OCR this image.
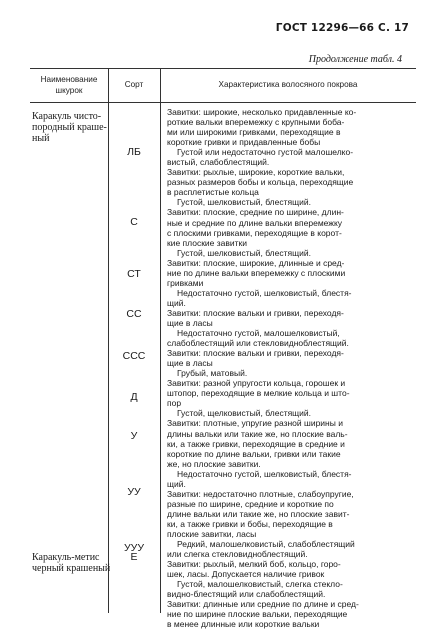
ГОСТ 12296—66 С. 17
Продолжение табл. 4
Наименование
шкурок
Сорт	Характеристика волосяного покрова
Каракуль чисто-
породный краше-
ный
Каракуль-метис
черный крашеный
ЛБ
С
СТ
СС
ССС
Д
У
УУ
УУУ
Е
Завитки: широкие, несколько придавленные ко-
роткие вальки вперемежку с крупными бoба-
ми или широкими гривками, переходящие в
короткие гривки и придавленные бобы
Густой или недостаточно густой малошелко-
вистый, слабоблестящий.
Завитки: рыхлые, широкие, короткие вальки,
разных размеров бобы и кольца, переходящие
в расплетистые кольца
Густой, шелковистый, блестящий.
Завитки: плоские, средние по ширине, длин-
ные и средние по длине вальки вперемежку
с плоскими гривками, переходящие в корот-
кие плоские завитки
Густой, шелковистый, блестящий.
Завитки: плоские, широкие, длинные и сред-
ние по длине вальки вперемежку с плоскими
гривками
Недостаточно густой, шелковистый, блестя-
щий.
Завитки: плоские вальки и гривки, переходя-
щие в ласы
Недостаточно густой, малошелковистый,
слабоблестящий или стекловидноблестящий.
Завитки: плоские вальки и гривки, переходя-
щие в ласы
Грубый, матовый.
Завитки: разной упругости кольца, горошек и
штопор, переходящие в мелкие кольца и штo-
пор
Густой, щелковистый, блестящий.
Завитки: плотные, упругие разной ширины и
длины вальки или такие же, но плоские валь-
ки, а также гривки, переходящие в средние и
короткие по длине вальки, гривки или такие
же, но плоские завитки.
Недостаточно густой, шелковистый, блестя-
щий.
Завитки: недостаточно плотные, слабоупругие,
разные по ширине, средние и короткие по
длине вальки или такие же, но плоские завит-
ки, а также гривки и бобы, переходящие в
плоские завитки, ласы
Редкий, малошелковистый, слабоблестящий
или слегка стекловидноблестящий.
Завитки: рыхлый, мелкий боб, кольцо, горо-
шек, ласы. Допускается наличие гривок
Густой, малошелковистый, слегка стекло-
видно-блестящий или слабоблестящий.
Завитки: длинные или средние по длине и сред-
ние по ширине плоские вальки, переходящие
в менее длинные или короткие вальки
